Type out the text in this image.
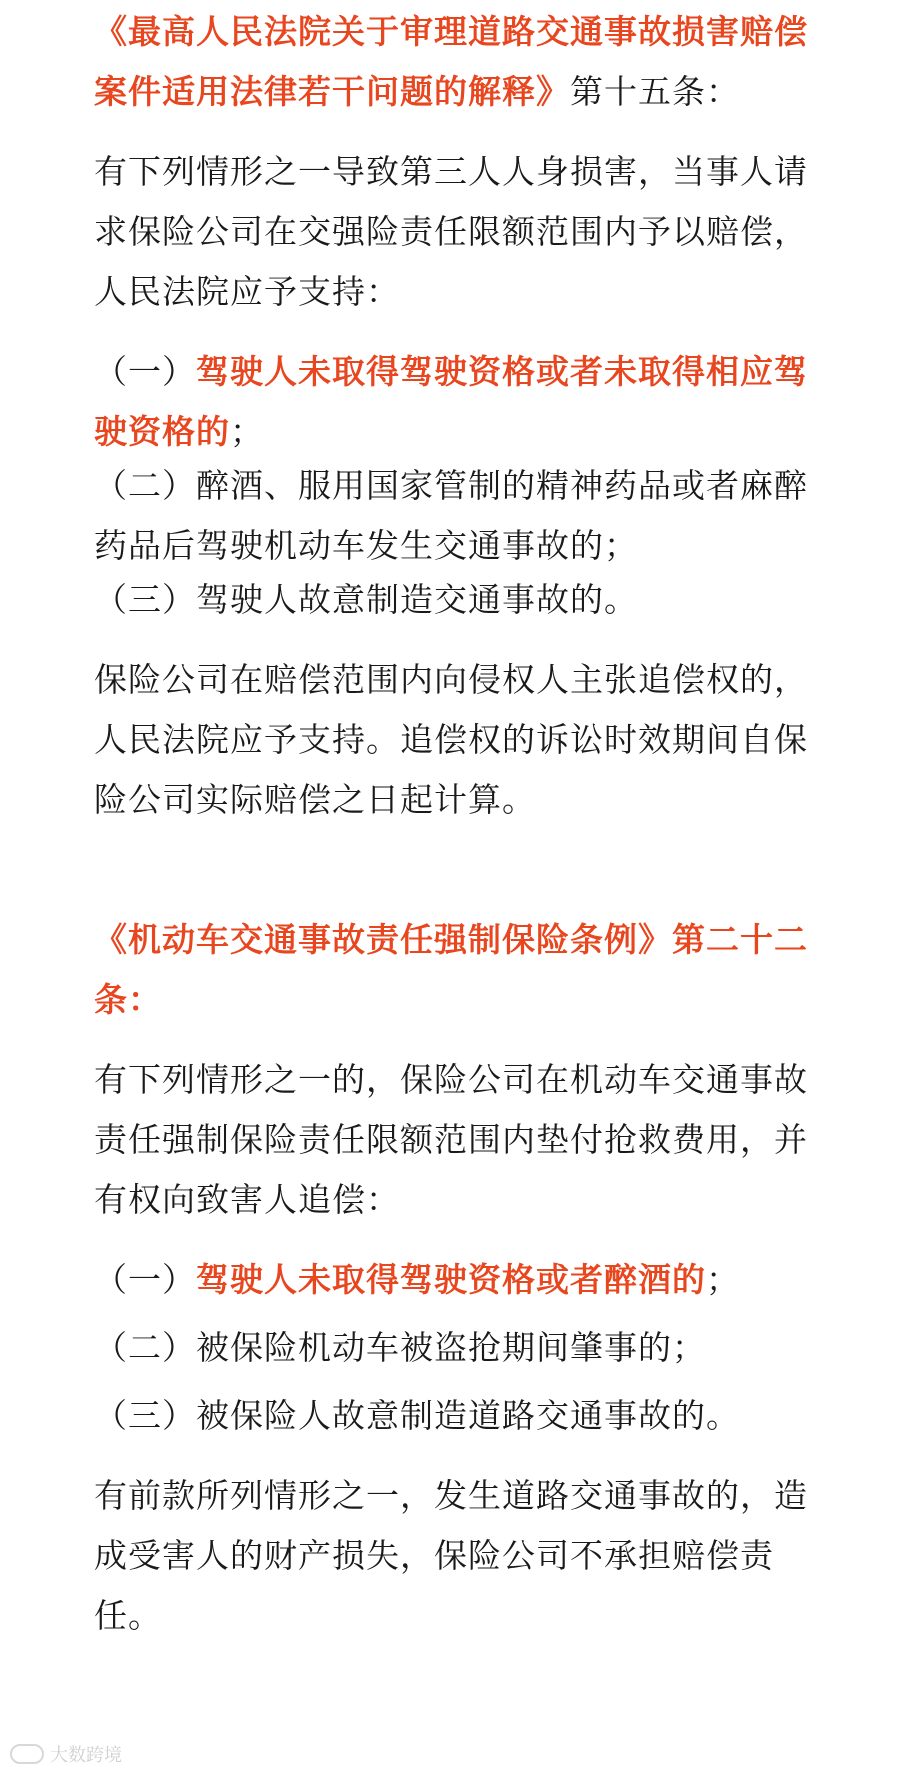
《最高人民法院关于审理道路交通事故损害赔偿案件适用法律若干问题的解释》第十五条：

有下列情形之一导致第三人人身损害，当事人请求保险公司在交强险责任限额范围内予以赔偿，人民法院应予支持：

（一）驾驶人未取得驾驶资格或者未取得相应驾驶资格的；

（二）醉酒、服用国家管制的精神药品或者麻醉药品后驾驶机动车发生交通事故的；

（三）驾驶人故意制造交通事故的。

保险公司在赔偿范围内向侵权人主张追偿权的，人民法院应予支持。追偿权的诉讼时效期间自保险公司实际赔偿之日起计算。

《机动车交通事故责任强制保险条例》第二十二条：

有下列情形之一的，保险公司在机动车交通事故责任强制保险责任限额范围内垫付抢救费用，并有权向致害人追偿：

（一）驾驶人未取得驾驶资格或者醉酒的；

（二）被保险机动车被盗抢期间肇事的；

（三）被保险人故意制造道路交通事故的。

有前款所列情形之一，发生道路交通事故的，造成受害人的财产损失，保险公司不承担赔偿责任。

大数跨境
